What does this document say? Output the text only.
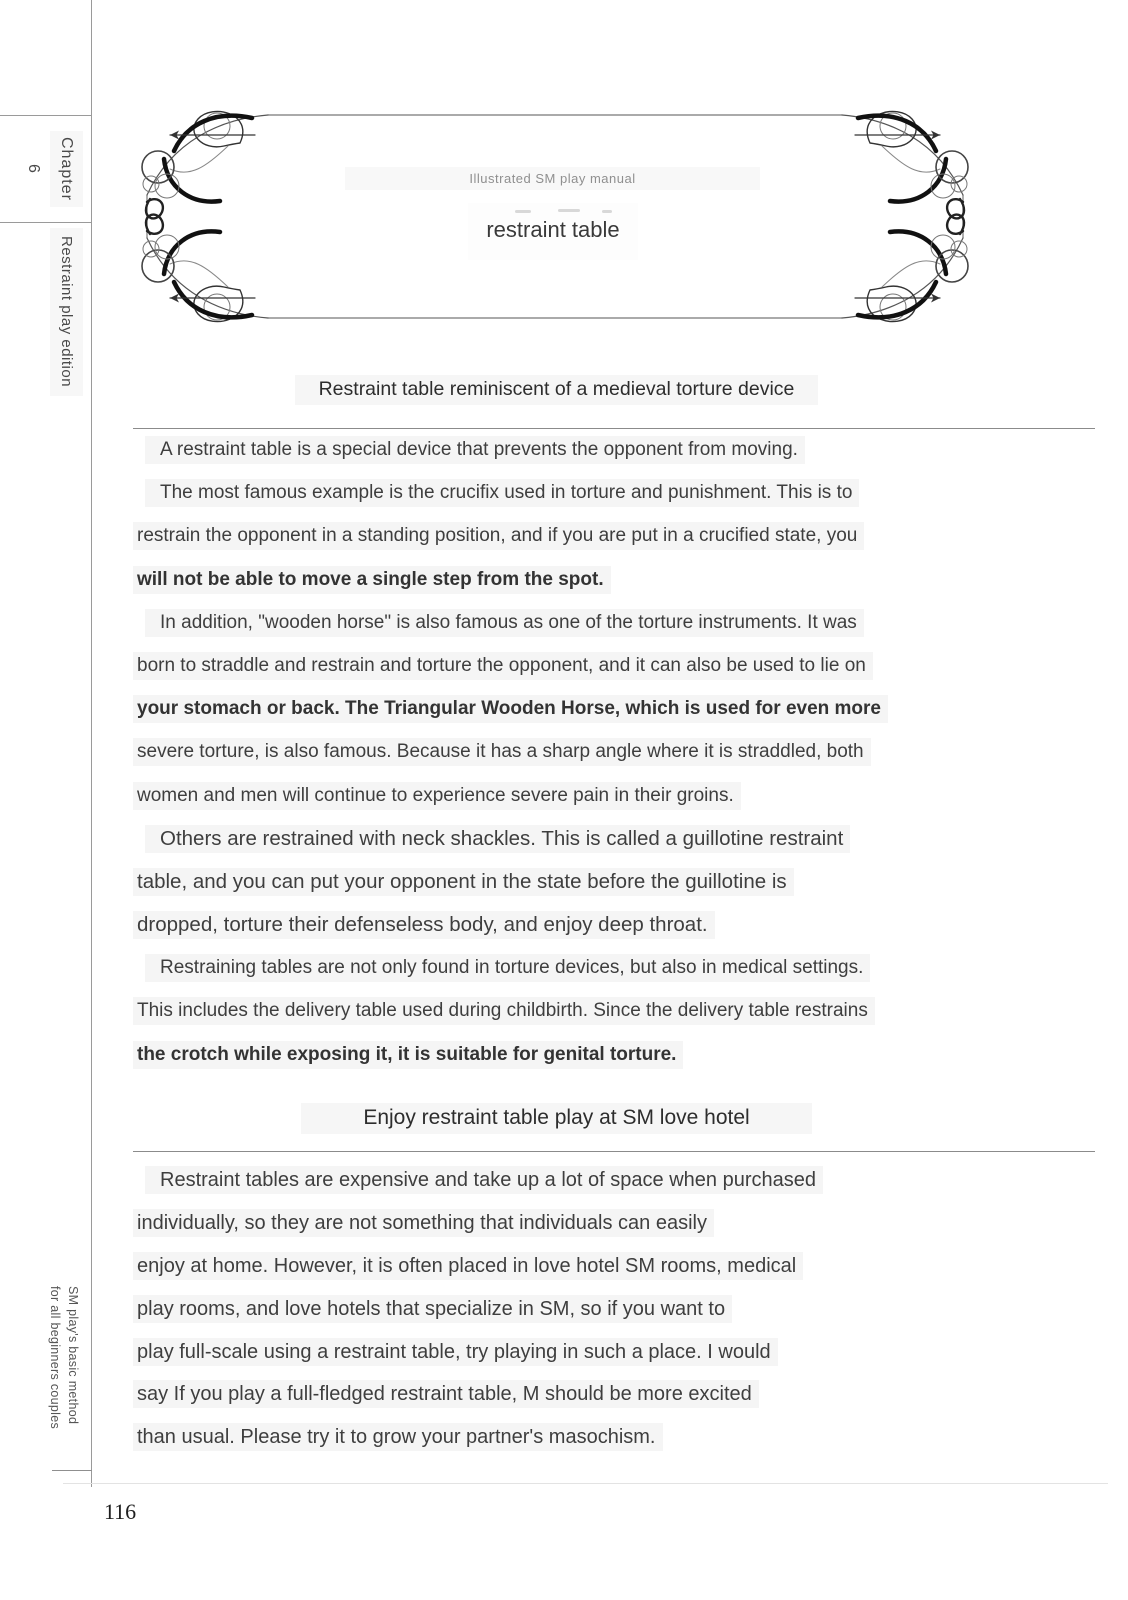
Chapter 6
Restraint play edition
SM play's basic method
for all beginners couples
Illustrated SM play manual
restraint table
Restraint table reminiscent of a medieval torture device
A restraint table is a special device that prevents the opponent from moving.
The most famous example is the crucifix used in torture and punishment. This is to
restrain the opponent in a standing position, and if you are put in a crucified state, you
will not be able to move a single step from the spot.
In addition, "wooden horse" is also famous as one of the torture instruments. It was
born to straddle and restrain and torture the opponent, and it can also be used to lie on
your stomach or back. The Triangular Wooden Horse, which is used for even more
severe torture, is also famous. Because it has a sharp angle where it is straddled, both
women and men will continue to experience severe pain in their groins.
Others are restrained with neck shackles. This is called a guillotine restraint
table, and you can put your opponent in the state before the guillotine is
dropped, torture their defenseless body, and enjoy deep throat.
Restraining tables are not only found in torture devices, but also in medical settings.
This includes the delivery table used during childbirth. Since the delivery table restrains
the crotch while exposing it, it is suitable for genital torture.
Enjoy restraint table play at SM love hotel
Restraint tables are expensive and take up a lot of space when purchased
individually, so they are not something that individuals can easily
enjoy at home. However, it is often placed in love hotel SM rooms, medical
play rooms, and love hotels that specialize in SM, so if you want to
play full-scale using a restraint table, try playing in such a place. I would
say If you play a full-fledged restraint table, M should be more excited
than usual. Please try it to grow your partner's masochism.
116
